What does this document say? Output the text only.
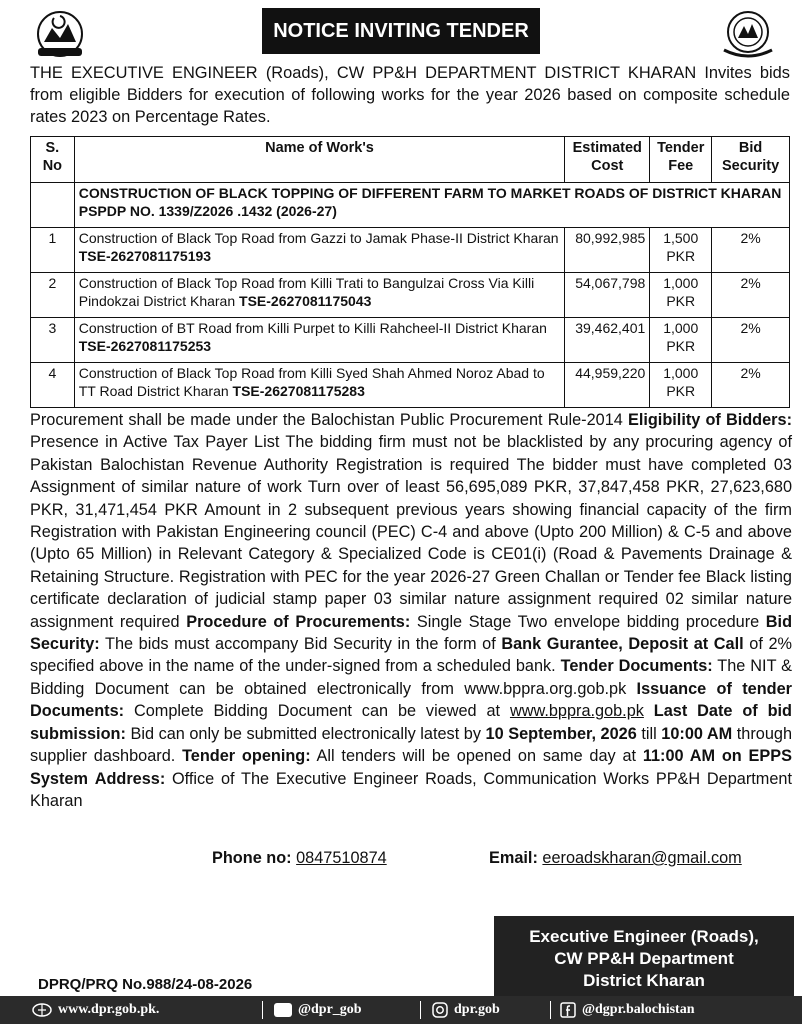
NOTICE INVITING TENDER

THE EXECUTIVE ENGINEER (Roads), CW PP&H DEPARTMENT DISTRICT KHARAN Invites bids from eligible Bidders for execution of following works for the year 2026 based on composite schedule rates 2023 on Percentage Rates.

S. No	Name of Work's	Estimated Cost	Tender Fee	Bid Security
	CONSTRUCTION OF BLACK TOPPING OF DIFFERENT FARM TO MARKET ROADS OF DISTRICT KHARAN PSPDP NO. 1339/Z2026 .1432 (2026-27)			
1	Construction of Black Top Road from Gazzi to Jamak Phase-II District Kharan TSE-2627081175193	80,992,985	1,500 PKR	2%
2	Construction of Black Top Road from Killi Trati to Bangulzai Cross Via Killi Pindokzai District Kharan TSE-2627081175043	54,067,798	1,000 PKR	2%
3	Construction of BT Road from Killi Purpet to Killi Rahcheel-II District Kharan TSE-2627081175253	39,462,401	1,000 PKR	2%
4	Construction of Black Top Road from Killi Syed Shah Ahmed Noroz Abad to TT Road District Kharan TSE-2627081175283	44,959,220	1,000 PKR	2%

Procurement shall be made under the Balochistan Public Procurement Rule-2014 Eligibility of Bidders: Presence in Active Tax Payer List The bidding firm must not be blacklisted by any procuring agency of Pakistan Balochistan Revenue Authority Registration is required The bidder must have completed 03 Assignment of similar nature of work Turn over of least 56,695,089 PKR, 37,847,458 PKR, 27,623,680 PKR, 31,471,454 PKR Amount in 2 subsequent previous years showing financial capacity of the firm Registration with Pakistan Engineering council (PEC) C-4 and above (Upto 200 Million) & C-5 and above (Upto 65 Million) in Relevant Category & Specialized Code is CE01(i) (Road & Pavements Drainage & Retaining Structure. Registration with PEC for the year 2026-27 Green Challan or Tender fee Black listing certificate declaration of judicial stamp paper 03 similar nature assignment required 02 similar nature assignment required Procedure of Procurements: Single Stage Two envelope bidding procedure Bid Security: The bids must accompany Bid Security in the form of Bank Gurantee, Deposit at Call of 2% specified above in the name of the under-signed from a scheduled bank. Tender Documents: The NIT & Bidding Document can be obtained electronically from www.bppra.org.gob.pk Issuance of tender Documents: Complete Bidding Document can be viewed at www.bppra.gob.pk Last Date of bid submission: Bid can only be submitted electronically latest by 10 September, 2026 till 10:00 AM through supplier dashboard. Tender opening: All tenders will be opened on same day at 11:00 AM on EPPS System Address: Office of The Executive Engineer Roads, Communication Works PP&H Department Kharan

Phone no: 0847510874	Email: eeroadskharan@gmail.com
Executive Engineer (Roads),
CW PP&H Department
District Kharan
DPRQ/PRQ No.988/24-08-2026
www.dpr.gob.pk.	@dpr_gob	dpr.gob	@dgpr.balochistan
